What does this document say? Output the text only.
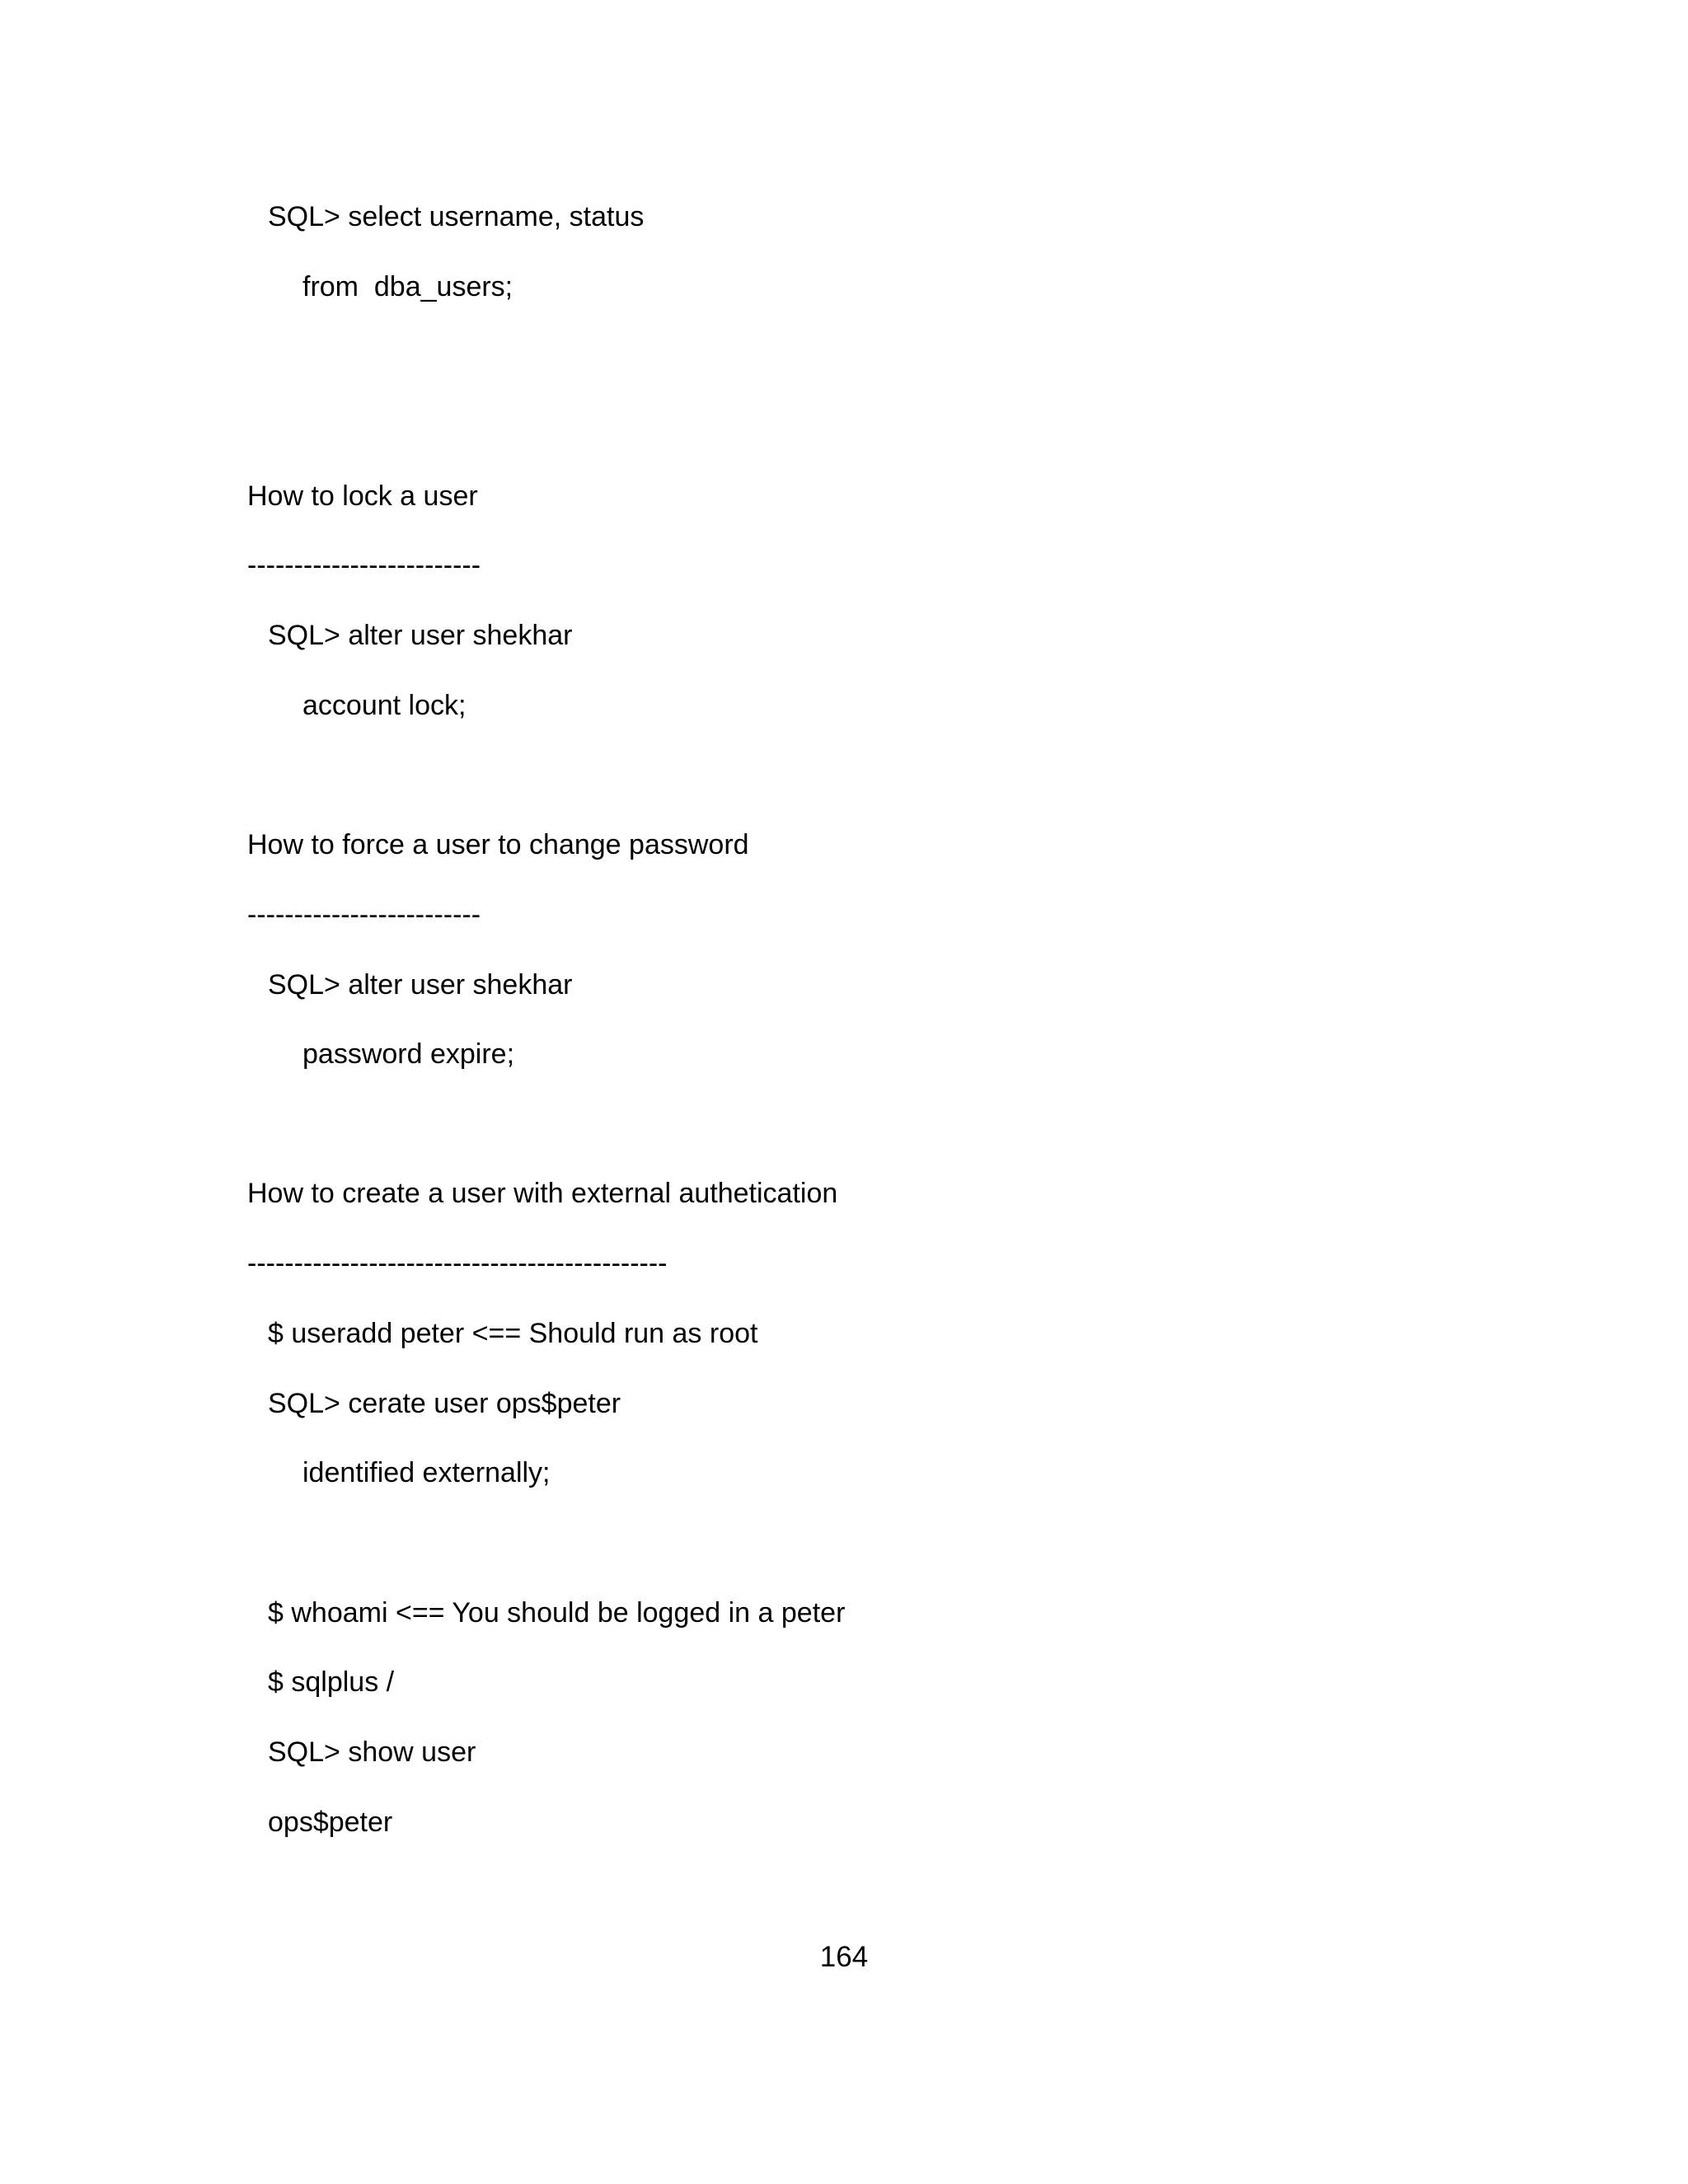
SQL> select username, status
from  dba_users;
How to lock a user
-------------------------
SQL> alter user shekhar
account lock;
How to force a user to change password
-------------------------
SQL> alter user shekhar
password expire;
How to create a user with external authetication
---------------------------------------------
$ useradd peter <== Should run as root
SQL> cerate user ops$peter
identified externally;
$ whoami <== You should be logged in a peter
$ sqlplus /
SQL> show user
ops$peter
164
